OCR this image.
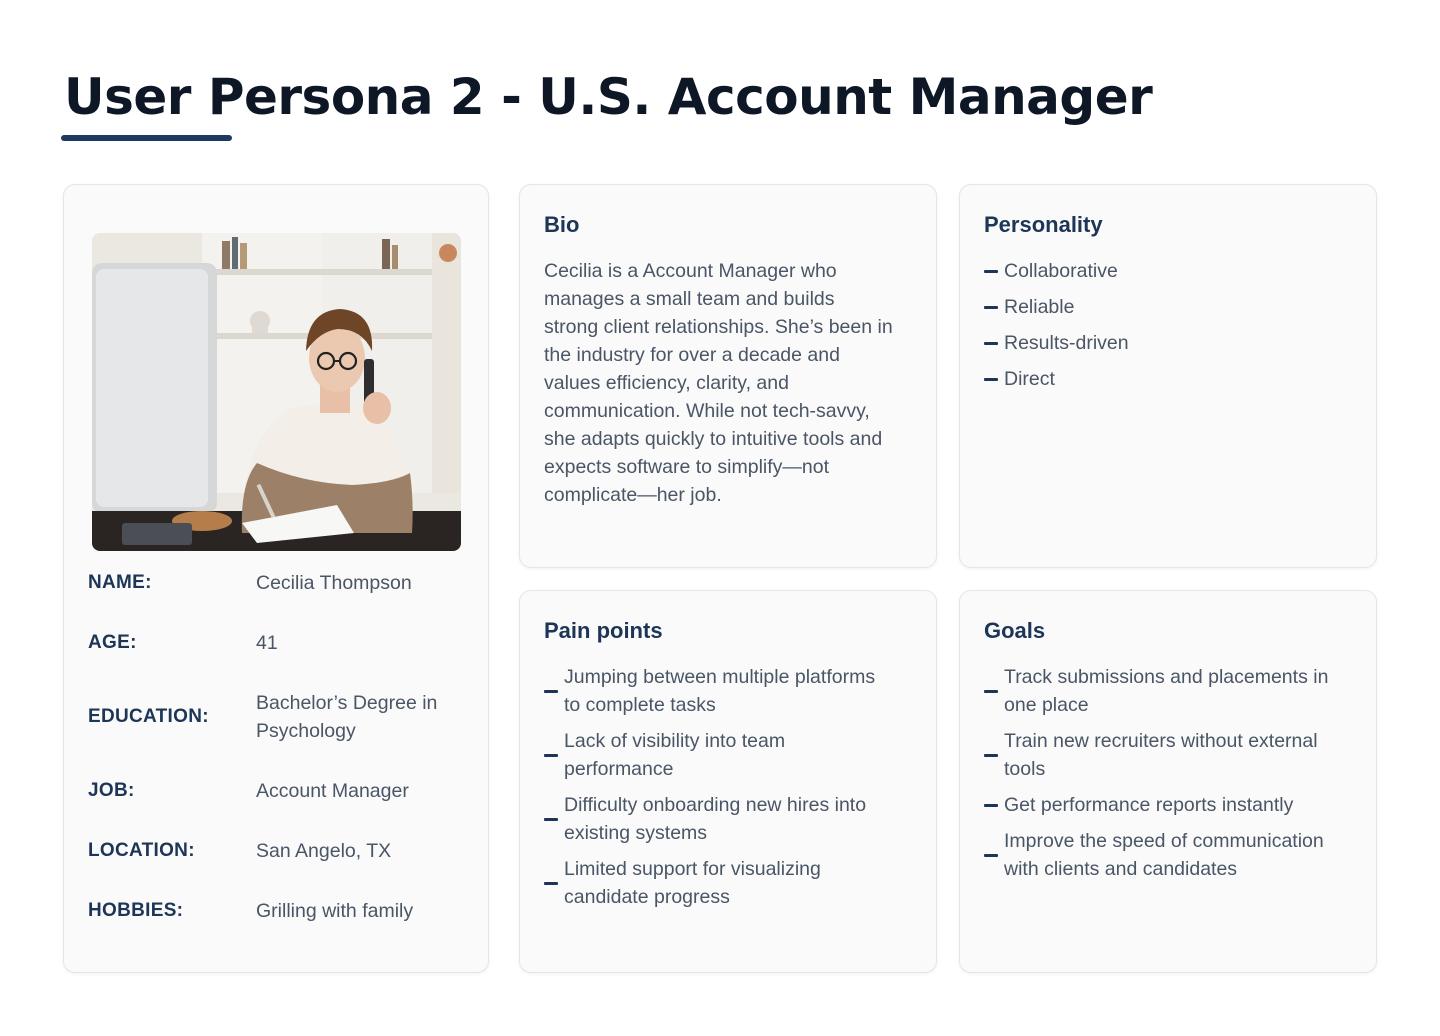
User Persona 2 - U.S. Account Manager
NAME:	Cecilia Thompson
AGE:	41
EDUCATION:
Bachelor’s Degree in Psychology
JOB:	Account Manager
LOCATION:	San Angelo, TX
HOBBIES:	Grilling with family
Bio

Cecilia is a Account Manager who manages a small team and builds strong client relationships. She’s been in the industry for over a decade and values efficiency, clarity, and communication. While not tech-savvy, she adapts quickly to intuitive tools and expects software to simplify—not complicate—her job.

Personality
Collaborative
Reliable
Results-driven
Direct
Pain points
Jumping between multiple platforms to complete tasks
Lack of visibility into team performance
Difficulty onboarding new hires into existing systems
Limited support for visualizing candidate progress
Goals
Track submissions and placements in one place
Train new recruiters without external tools
Get performance reports instantly
Improve the speed of communication with clients and candidates
